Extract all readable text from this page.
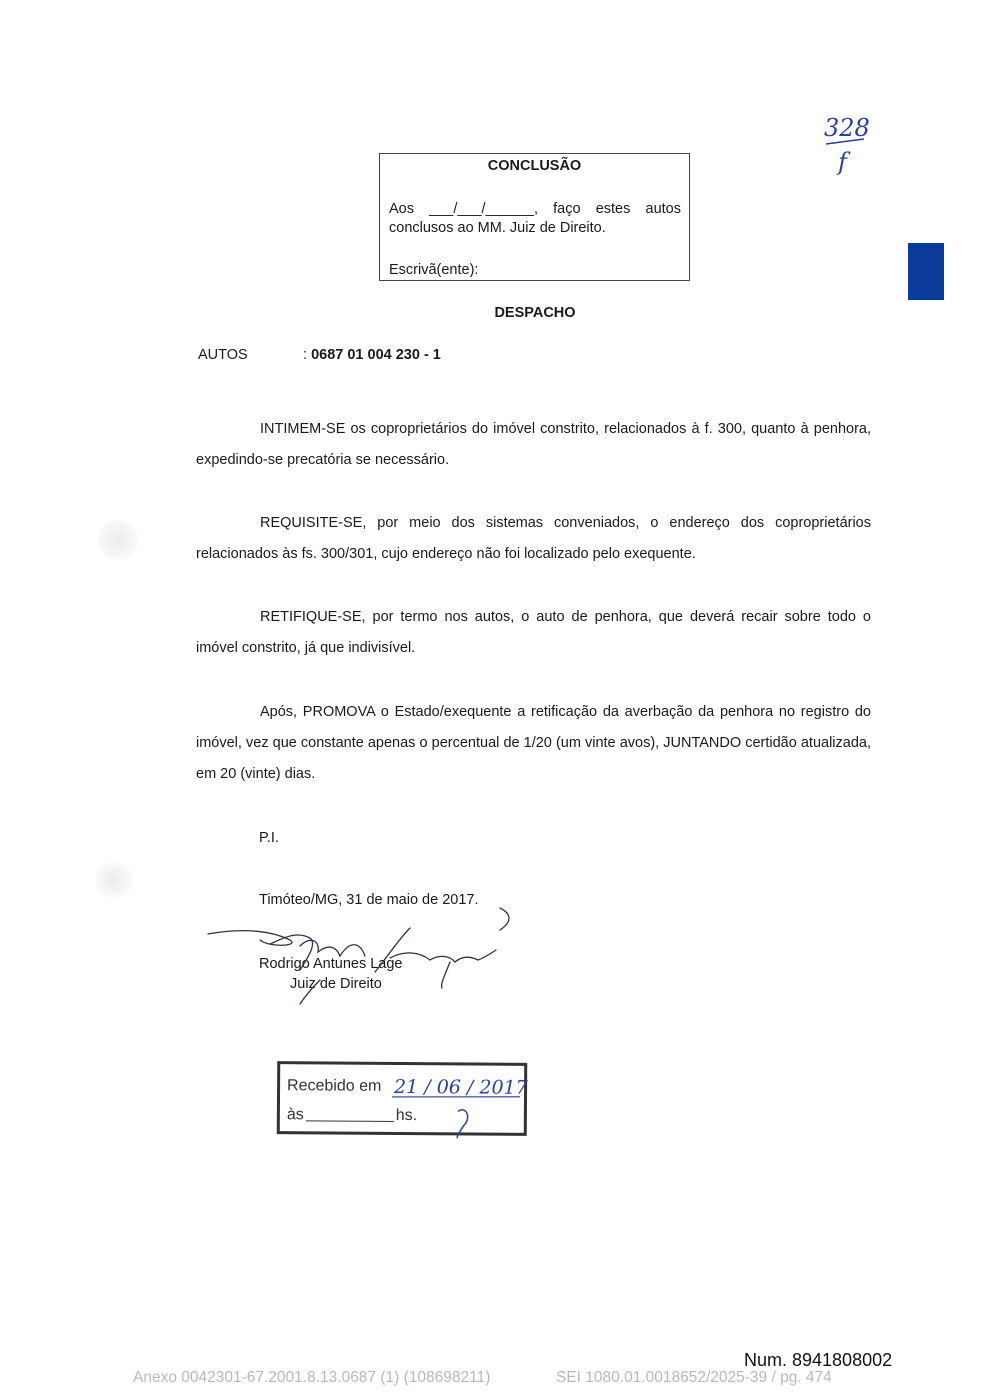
328
f
CONCLUSÃO
Aos ___/___/______, faço estes autos
conclusos ao MM. Juiz de Direito.
Escrivã(ente):
DESPACHO
AUTOS	: 0687 01 004 230 - 1
INTIMEM-SE os coproprietários do imóvel constrito, relacionados à f. 300, quanto à penhora, expedindo-se precatória se necessário.
REQUISITE-SE, por meio dos sistemas conveniados, o endereço dos coproprietários relacionados às fs. 300/301, cujo endereço não foi localizado pelo exequente.
RETIFIQUE-SE, por termo nos autos, o auto de penhora, que deverá recair sobre todo o imóvel constrito, já que indivisível.
Após, PROMOVA o Estado/exequente a retificação da averbação da penhora no registro do imóvel, vez que constante apenas o percentual de 1/20 (um vinte avos), JUNTANDO certidão atualizada, em 20 (vinte) dias.
P.I.
Timóteo/MG, 31 de maio de 2017.
Rodrigo Antunes Lage
Juiz de Direito
Recebido em
às	hs.
21 / 06 / 2017
Num. 8941808002
Anexo 0042301-67.2001.8.13.0687 (1) (108698211)	SEI 1080.01.0018652/2025-39 / pg. 474
